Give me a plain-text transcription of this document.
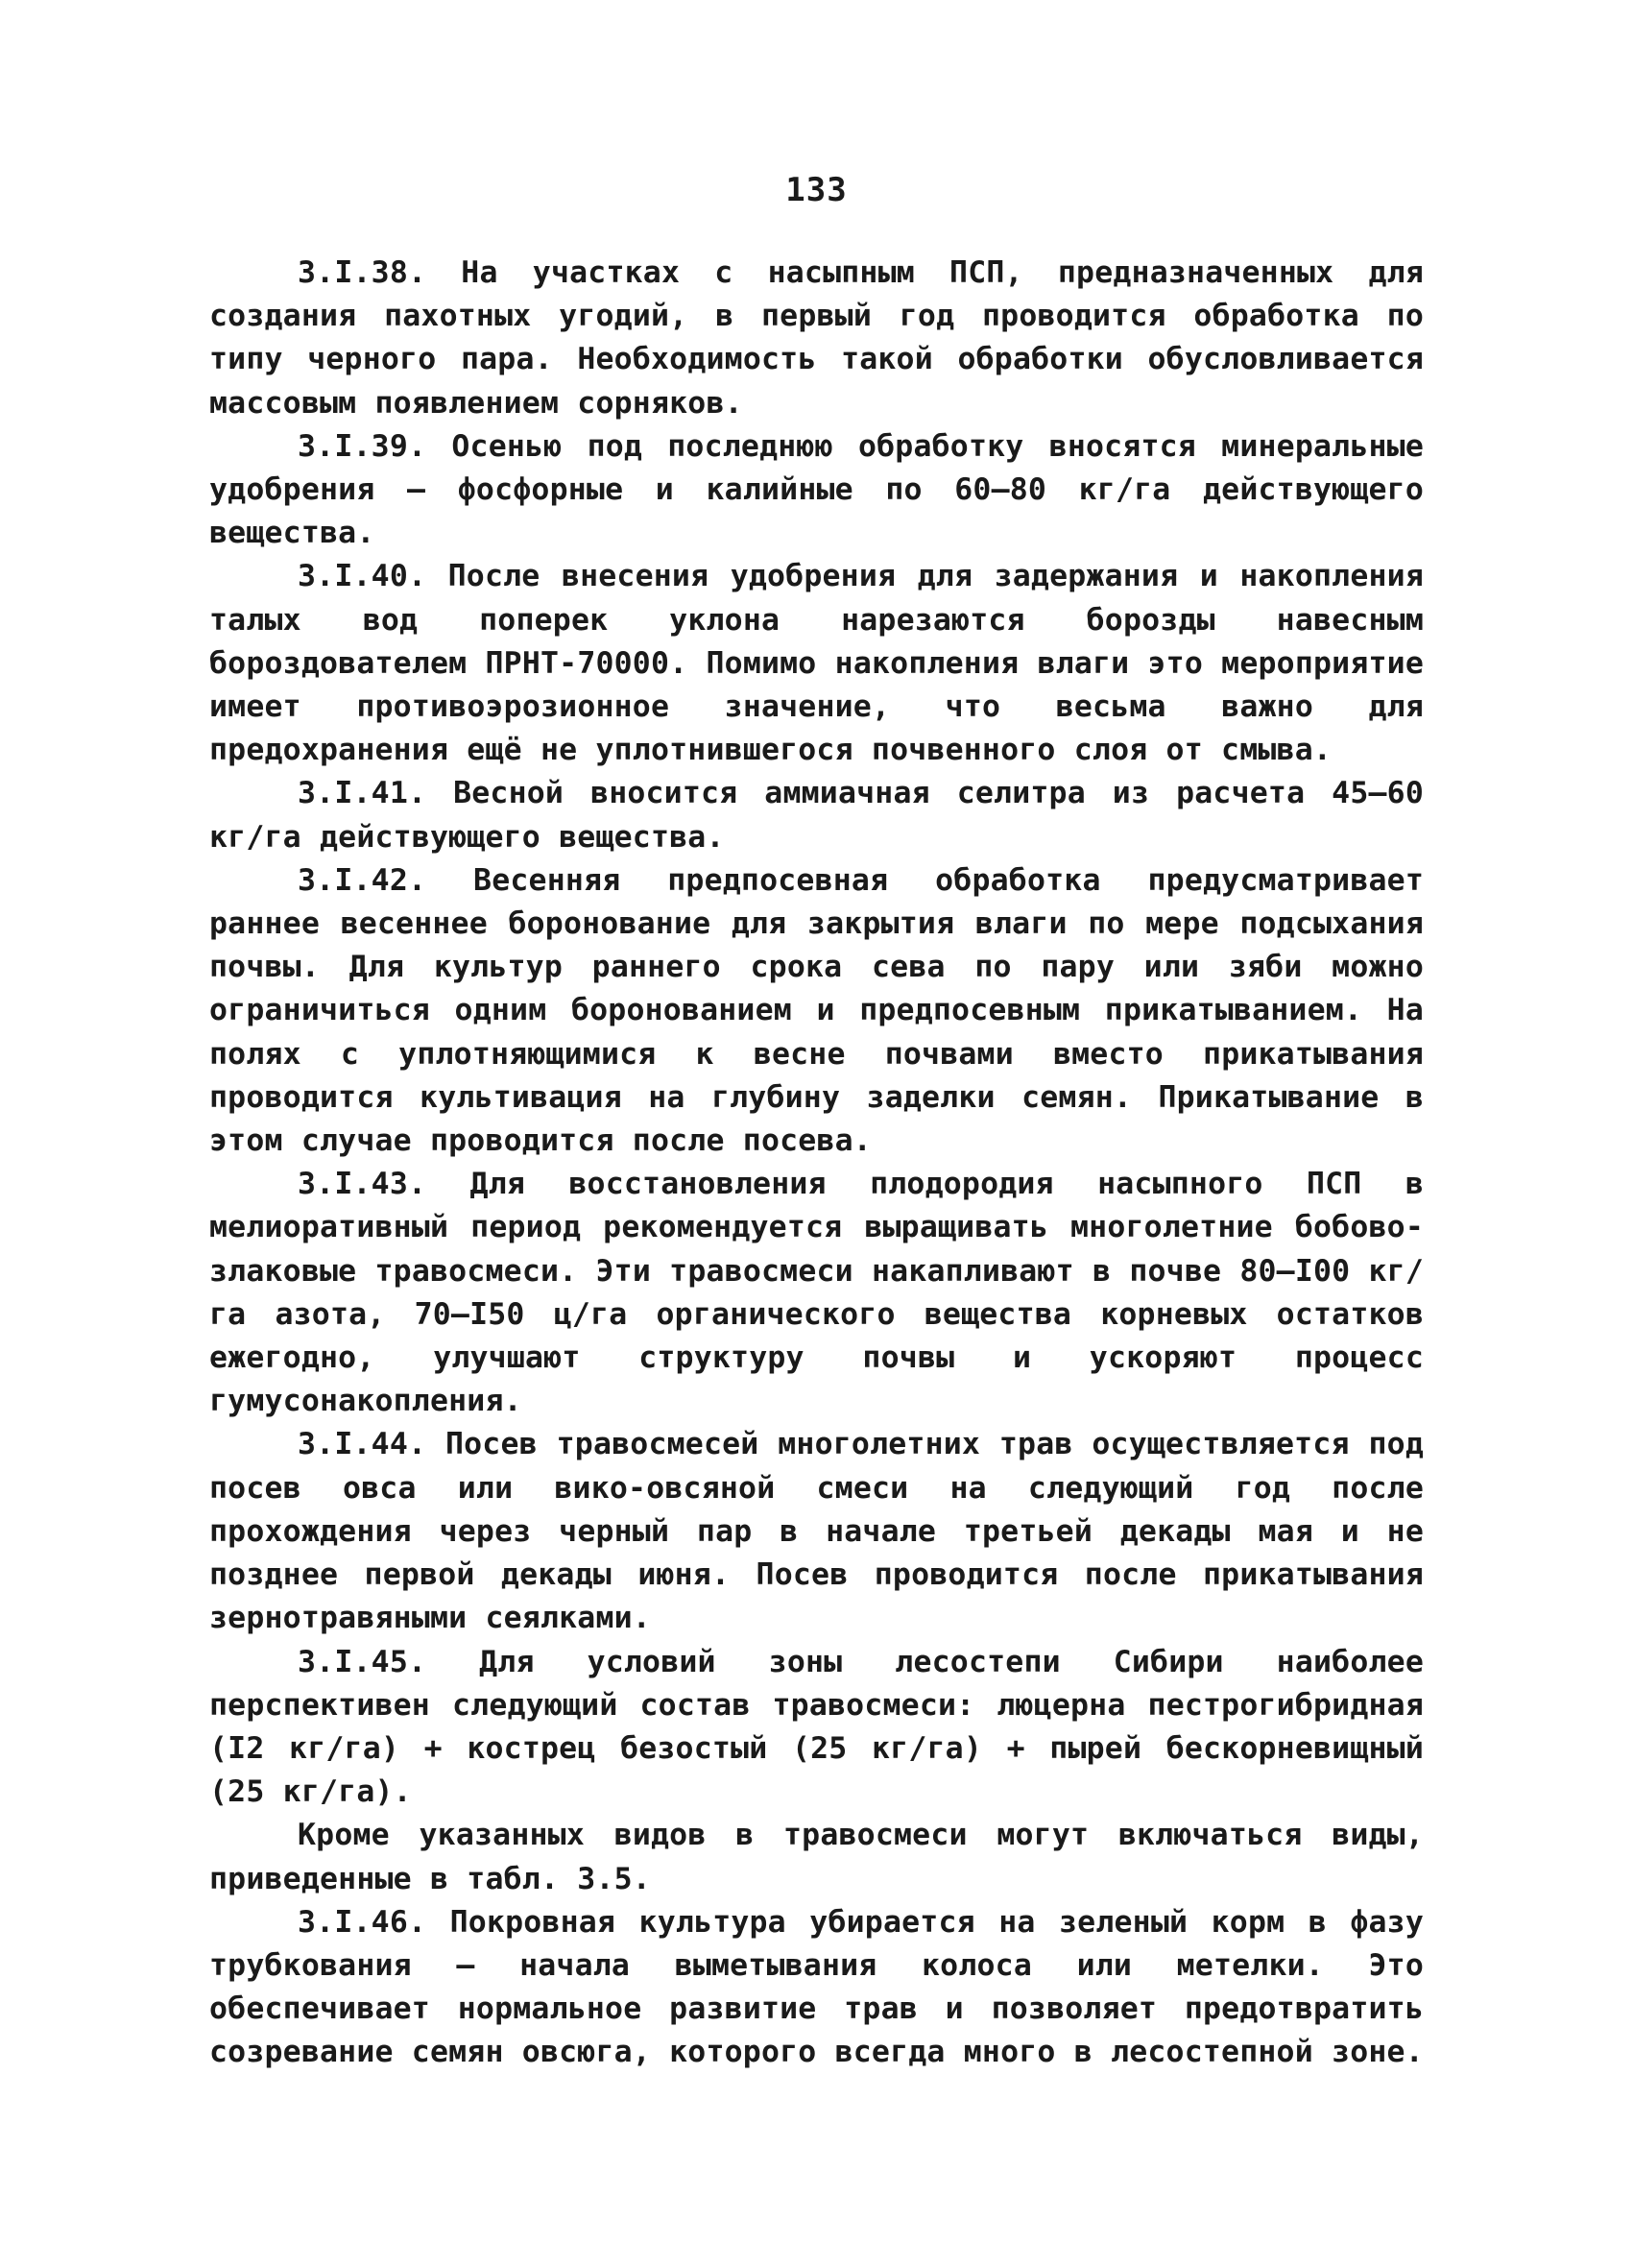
133

3.I.38. На участках с насыпным ПСП, предназначенных для создания пахотных угодий, в первый год проводится обработка по типу черного пара. Необходимость такой обработки обусловливается массовым появлением сорняков.

3.I.39. Осенью под последнюю обработку вносятся минеральные удобрения – фосфорные и калийные по 60–80 кг/га действующего вещества.

3.I.40. После внесения удобрения для задержания и накопления талых вод поперек уклона нарезаются борозды навесным бороздователем ПРНТ-70000. Помимо накопления влаги это мероприятие имеет противоэрозионное значение, что весьма важно для предохранения ещё не уплотнившегося почвенного слоя от смыва.

3.I.41. Весной вносится аммиачная селитра из расчета 45–60 кг/га действующего вещества.

3.I.42. Весенняя предпосевная обработка предусматривает раннее весеннее боронование для закрытия влаги по мере подсыхания почвы. Для культур раннего срока сева по пару или зяби можно ограничиться одним боронованием и предпосевным прикатыванием. На полях с уплотняющимися к весне почвами вместо прикатывания проводится культивация на глубину заделки семян. Прикатывание в этом случае проводится после посева.

3.I.43. Для восстановления плодородия насыпного ПСП в мелиоративный период рекомендуется выращивать многолетние бобово-злаковые травосмеси. Эти травосмеси накапливают в почве 80–I00 кг/га азота, 70–I50 ц/га органического вещества корневых остатков ежегодно, улучшают структуру почвы и ускоряют процесс гумусонакопления.

3.I.44. Посев травосмесей многолетних трав осуществляется под посев овса или вико-овсяной смеси на следующий год после прохождения через черный пар в начале третьей декады мая и не позднее первой декады июня. Посев проводится после прикатывания зернотравяными сеялками.

3.I.45. Для условий зоны лесостепи Сибири наиболее перспективен следующий состав травосмеси: люцерна пестрогибридная (I2 кг/га) + кострец безостый (25 кг/га) + пырей бескорневищный (25 кг/га).

Кроме указанных видов в травосмеси могут включаться виды, приведенные в табл. 3.5.

3.I.46. Покровная культура убирается на зеленый корм в фазу трубкования – начала выметывания колоса или метелки. Это обеспечивает нормальное развитие трав и позволяет предотвратить созревание семян овсюга, которого всегда много в лесостепной зоне.
